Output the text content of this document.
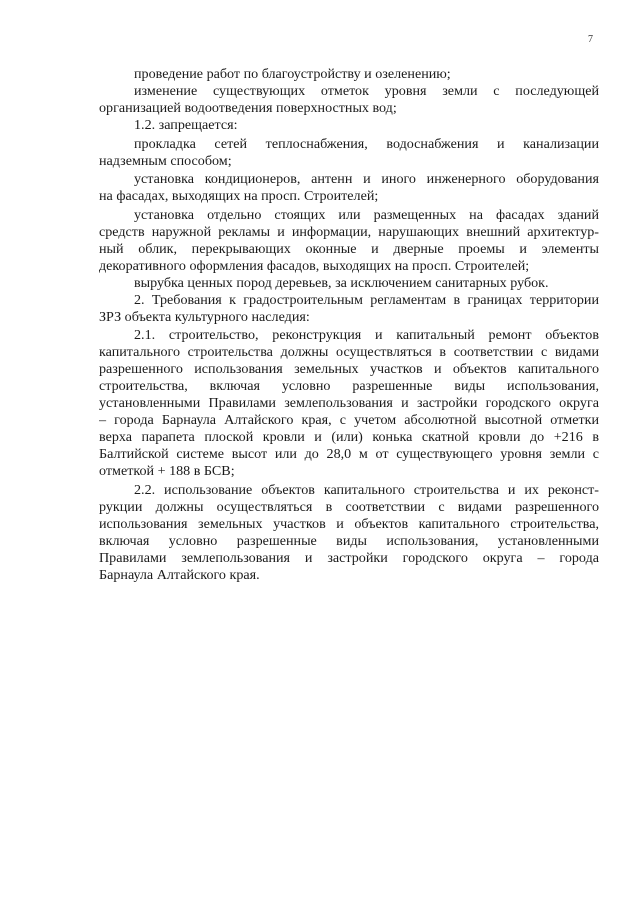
7
проведение работ по благоустройству и озеленению;
изменение существующих отметок уровня земли с последующей
организацией водоотведения поверхностных вод;
1.2. запрещается:
прокладка сетей теплоснабжения, водоснабжения и канализации
надземным способом;
установка кондиционеров, антенн и иного инженерного оборудования
на фасадах, выходящих на просп. Строителей;
установка отдельно стоящих или размещенных на фасадах зданий
средств наружной рекламы и информации, нарушающих внешний архитектур-
ный облик, перекрывающих оконные и дверные проемы и элементы
декоративного оформления фасадов, выходящих на просп. Строителей;
вырубка ценных пород деревьев, за исключением санитарных рубок.
2. Требования к градостроительным регламентам в границах территории
ЗРЗ объекта культурного наследия:
2.1. строительство, реконструкция и капитальный ремонт объектов
капитального строительства должны осуществляться в соответствии с видами
разрешенного использования земельных участков и объектов капитального
строительства, включая условно разрешенные виды использования,
установленными Правилами землепользования и застройки городского округа
– города Барнаула Алтайского края, с учетом абсолютной высотной отметки
верха парапета плоской кровли и (или) конька скатной кровли до +216 в
Балтийской системе высот или до 28,0 м от существующего уровня земли с
отметкой + 188 в БСВ;
2.2. использование объектов капитального строительства и их реконст-
рукции должны осуществляться в соответствии с видами разрешенного
использования земельных участков и объектов капитального строительства,
включая условно разрешенные виды использования, установленными
Правилами землепользования и застройки городского округа – города
Барнаула Алтайского края.
